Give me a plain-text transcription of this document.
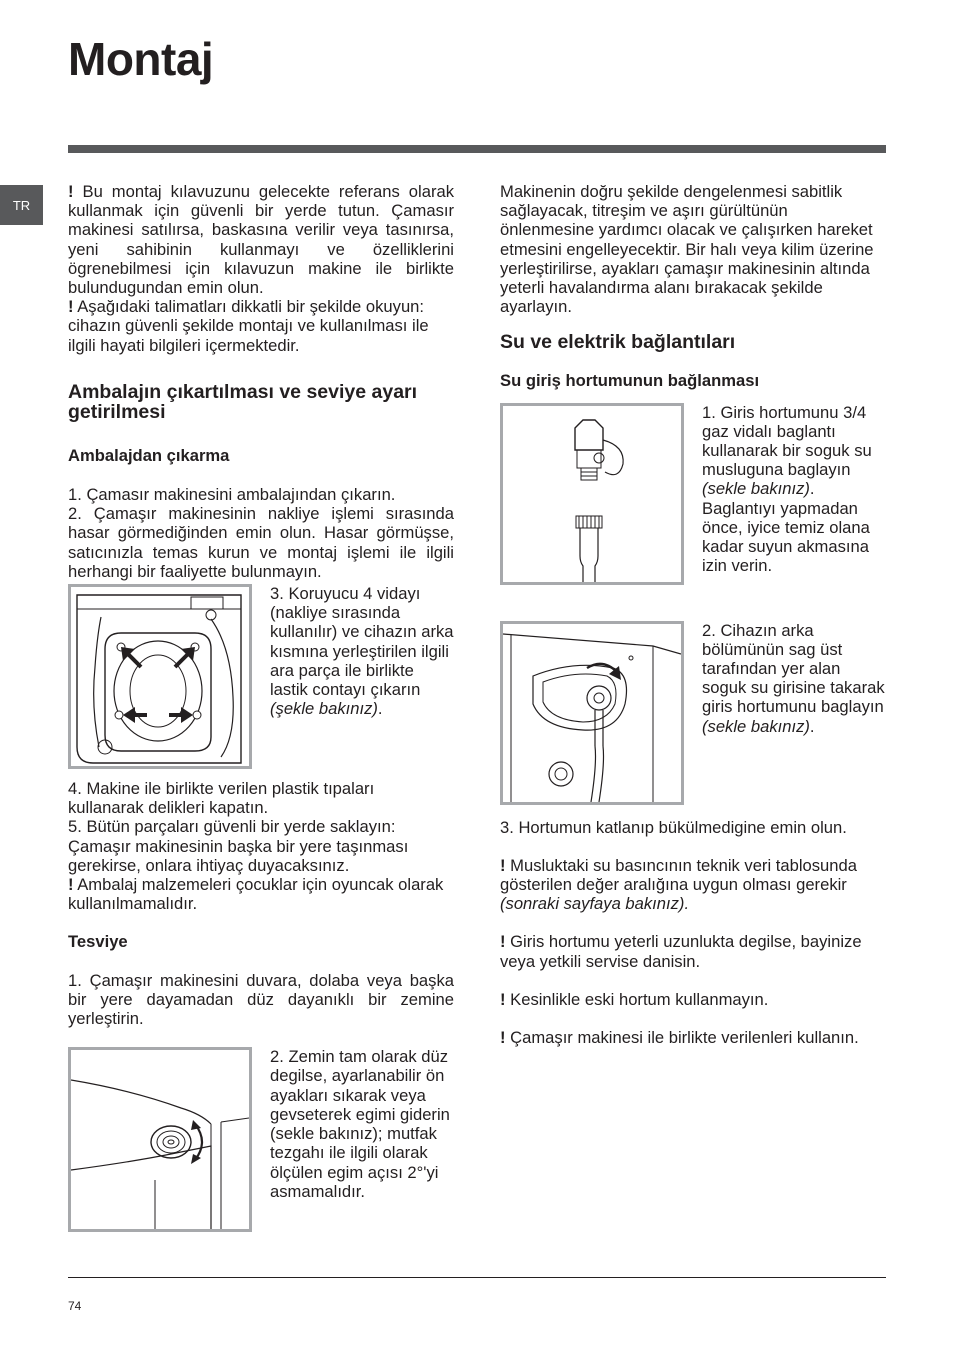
Montaj
TR

! Bu montaj kılavuzunu gelecekte referans olarak kullanmak için güvenli bir yerde tutun. Çamasır makinesi satılırsa, baskasına verilir veya tasınırsa, yeni sahibinin kullanmayı ve özelliklerini ögrenebilmesi için kılavuzun makine ile birlikte bulundugundan emin olun.

! Aşağıdaki talimatları dikkatli bir şekilde okuyun: cihazın güvenli şekilde montajı ve kullanılması ile ilgili hayati bilgileri içermektedir.

Ambalajın çıkartılması ve seviye ayarı getirilmesi
Ambalajdan çıkarma

1. Çamasır makinesini ambalajından çıkarın.

2. Çamaşır makinesinin nakliye işlemi sırasında hasar görmediğinden emin olun. Hasar görmüşse, satıcınızla temas kurun ve montaj işlemi ile ilgili herhangi bir faaliyette bulunmayın.

3. Koruyucu 4 vidayı (nakliye sırasında kullanılır) ve cihazın arka kısmına yerleştirilen ilgili ara parça ile birlikte lastik contayı çıkarın (şekle bakınız).

4. Makine ile birlikte verilen plastik tıpaları kullanarak delikleri kapatın.

5. Bütün parçaları güvenli bir yerde saklayın: Çamaşır makinesinin başka bir yere taşınması gerekirse, onlara ihtiyaç duyacaksınız.

! Ambalaj malzemeleri çocuklar için oyuncak olarak kullanılmamalıdır.

Tesviye

1. Çamaşır makinesini duvara, dolaba veya başka bir yere dayamadan düz dayanıklı bir zemine yerleştirin.

2. Zemin tam olarak düz degilse, ayarlanabilir ön ayakları sıkarak veya gevseterek egimi giderin (sekle bakınız); mutfak tezgahı ile ilgili olarak ölçülen egim açısı 2°'yi asmamalıdır.

Makinenin doğru şekilde dengelenmesi sabitlik sağlayacak, titreşim ve aşırı gürültünün önlenmesine yardımcı olacak ve çalışırken hareket etmesini engelleyecektir. Bir halı veya kilim üzerine yerleştirilirse, ayakları çamaşır makinesinin altında yeterli havalandırma alanı bırakacak şekilde ayarlayın.

Su ve elektrik bağlantıları
Su giriş hortumunun bağlanması

1. Giris hortumunu 3/4 gaz vidalı baglantı kullanarak bir soguk su musluguna baglayın (sekle bakınız).

Baglantıyı yapmadan önce, iyice temiz olana kadar suyun akmasına izin verin.

2. Cihazın arka bölümünün sag üst tarafından yer alan soguk su girisine takarak giris hortumunu baglayın (sekle bakınız).

3. Hortumun katlanıp bükülmedigine emin olun.

! Musluktaki su basıncının teknik veri tablosunda gösterilen değer aralığına uygun olması gerekir (sonraki sayfaya bakınız).

! Giris hortumu yeterli uzunlukta degilse, bayinize veya yetkili servise danisin.

! Kesinlikle eski hortum kullanmayın.

! Çamaşır makinesi ile birlikte verilenleri kullanın.

74
